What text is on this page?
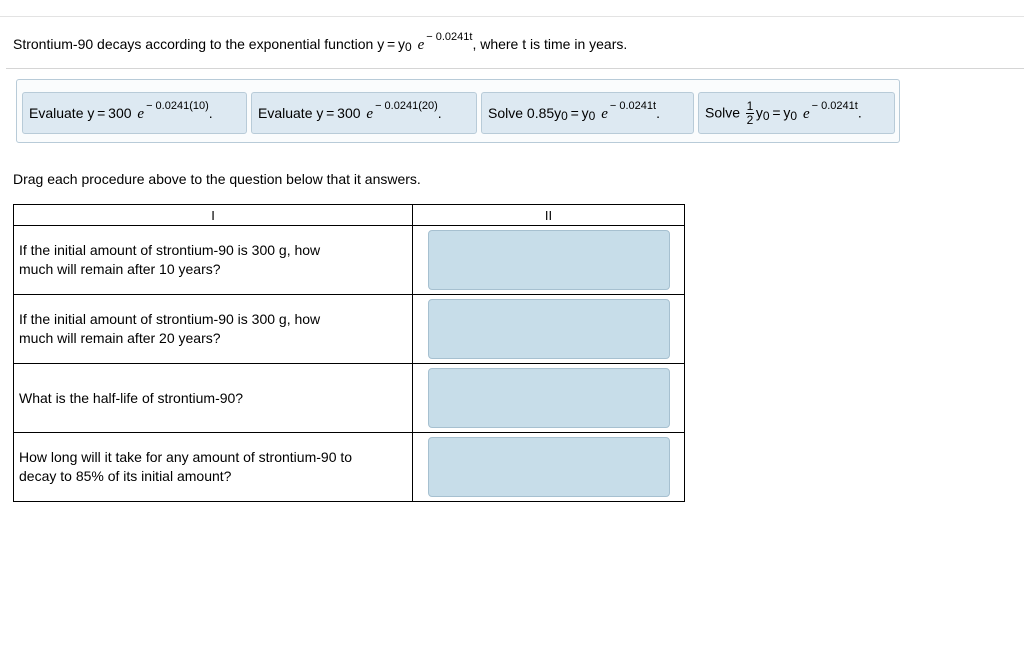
Strontium-90 decays according to the exponential function y = y0 e $^{- 0.0241t}$, where t is time in years.
Evaluate y = 300 e $^{- 0.0241(10)}$.	Evaluate y = 300 e $^{- 0.0241(20)}$.	Solve 0.85y0 = y0 e $^{- 0.0241t}$.	Solve $\frac{1}{2} y0 = y0$ e $^{- 0.0241t}$.
Drag each procedure above to the question below that it answers.
I	II
If the initial amount of strontium-90 is 300 g, how
much will remain after 10 years?	

If the initial amount of strontium-90 is 300 g, how
much will remain after 20 years?	

What is the half-life of strontium-90?	

How long will it take for any amount of strontium-90 to
decay to 85% of its initial amount?	
